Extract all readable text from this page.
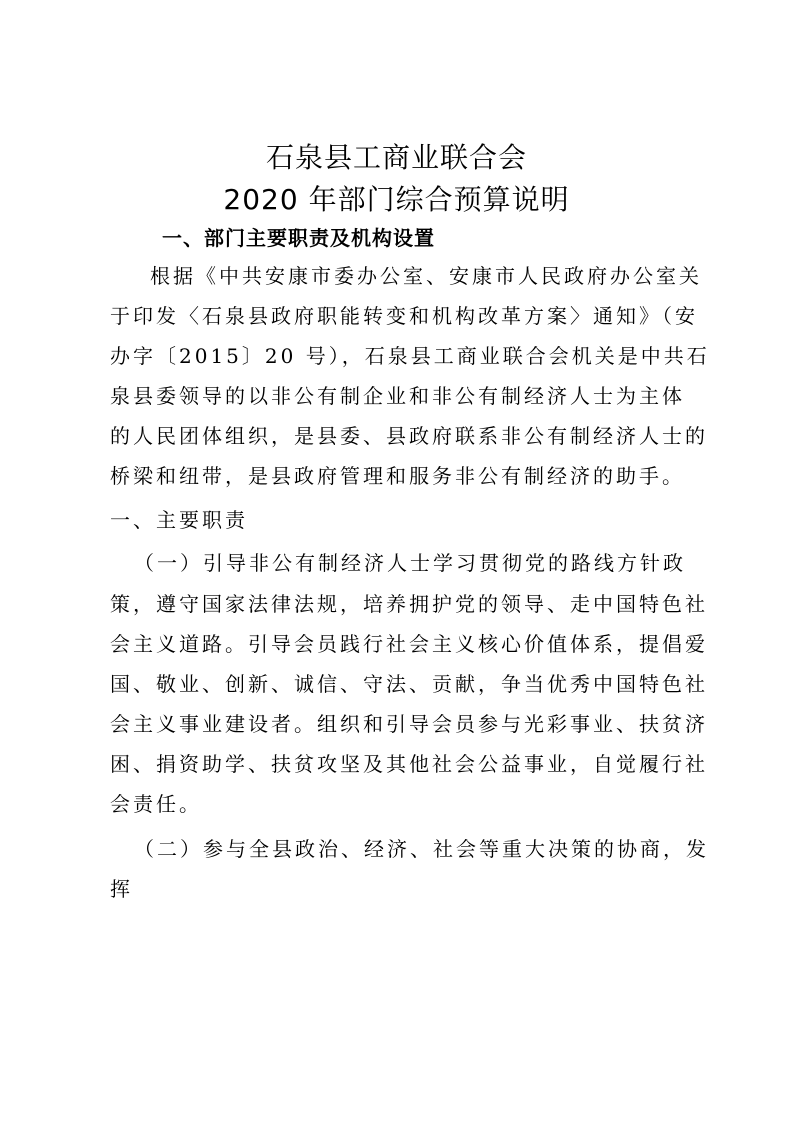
石泉县工商业联合会
2020 年部门综合预算说明
一、部门主要职责及机构设置
根据《中共安康市委办公室、安康市人民政府办公室关
于印发〈石泉县政府职能转变和机构改革方案〉通知》（安
办字〔2015〕20 号），石泉县工商业联合会机关是中共石
泉县委领导的以非公有制企业和非公有制经济人士为主体
的人民团体组织，是县委、县政府联系非公有制经济人士的
桥梁和纽带，是县政府管理和服务非公有制经济的助手。
一、主要职责
（一）引导非公有制经济人士学习贯彻党的路线方针政
策，遵守国家法律法规，培养拥护党的领导、走中国特色社
会主义道路。引导会员践行社会主义核心价值体系，提倡爱
国、敬业、创新、诚信、守法、贡献，争当优秀中国特色社
会主义事业建设者。组织和引导会员参与光彩事业、扶贫济
困、捐资助学、扶贫攻坚及其他社会公益事业，自觉履行社
会责任。
（二）参与全县政治、经济、社会等重大决策的协商，发
挥
